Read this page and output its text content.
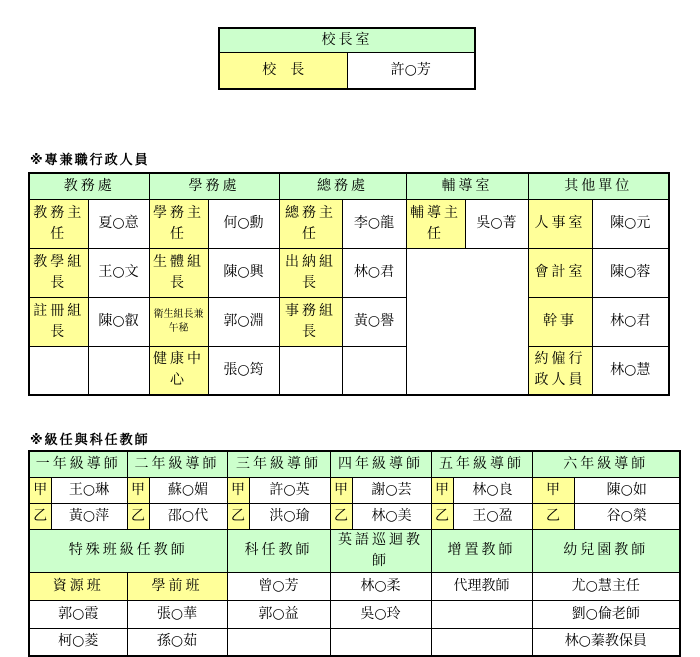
校長室
校　長	許○芳
※專兼職行政人員
教務處		學務處		總務處		輔導室		其他單位	
教務主任	夏○意	學務主任	何○勳	總務主任	李○龍	輔導主任	吳○菁	人事室	陳○元
教學組長	王○文	生體組長	陳○興	出納組長	林○君			會計室	陳○蓉
註冊組長	陳○叡	衛生組長兼午秘	郭○淵	事務組長	黃○譽			幹事	林○君
		健康中心	張○筠					約僱行政人員	林○慧
※級任與科任教師
一年級導師		二年級導師		三年級導師		四年級導師		五年級導師		六年級導師	
甲	王○琳	甲	蘇○媚	甲	許○英	甲	謝○芸	甲	林○良	甲	陳○如
乙	黃○萍	乙	邵○代	乙	洪○瑜	乙	林○美	乙	王○盈	乙	谷○榮
特殊班級任教師				科任教師		英語巡迴教師		增置教師		幼兒園教師	
資源班		學前班		曾○芳		林○柔		代理教師		尤○慧主任	
郭○霞		張○華		郭○益		吳○玲				劉○倫老師	
柯○菱		孫○茹								林○蓁教保員	
